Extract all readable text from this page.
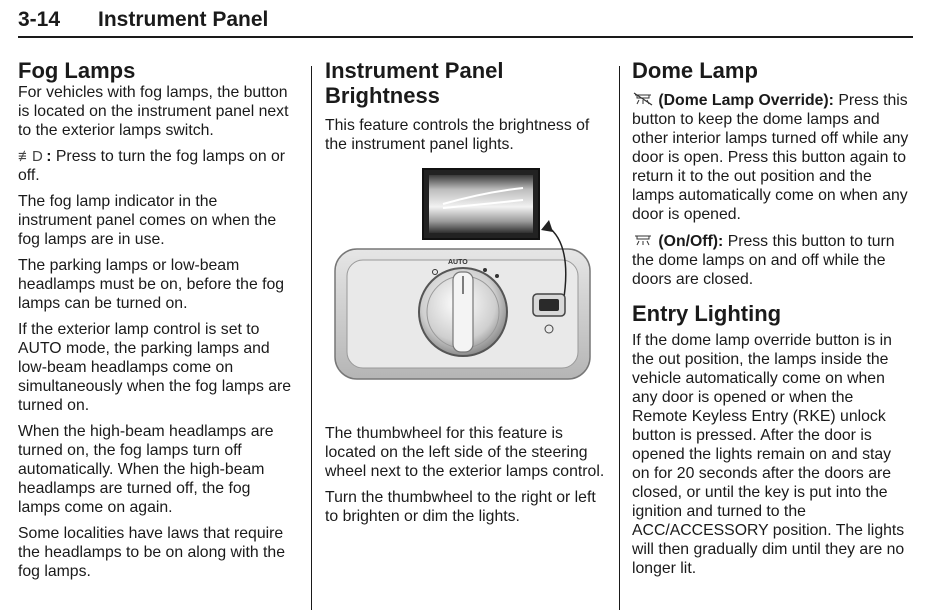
3-14 Instrument Panel
Fog Lamps

For vehicles with fog lamps, the button is located on the instrument panel next to the exterior lamps switch.

≢D : Press to turn the fog lamps on or off.

The fog lamp indicator in the instrument panel comes on when the fog lamps are in use.

The parking lamps or low-beam headlamps must be on, before the fog lamps can be turned on.

If the exterior lamp control is set to AUTO mode, the parking lamps and low-beam headlamps come on simultaneously when the fog lamps are turned on.

When the high-beam headlamps are turned on, the fog lamps turn off automatically. When the high-beam headlamps are turned off, the fog lamps come on again.

Some localities have laws that require the headlamps to be on along with the fog lamps.

Instrument Panel
Brightness

This feature controls the brightness of the instrument panel lights.

AUTO

The thumbwheel for this feature is located on the left side of the steering wheel next to the exterior lamps control.

Turn the thumbwheel to the right or left to brighten or dim the lights.

Dome Lamp

(Dome Lamp Override): Press this button to keep the dome lamps and other interior lamps turned off while any door is open. Press this button again to return it to the out position and the lamps automatically come on when any door is opened.

(On/Off): Press this button to turn the dome lamps on and off while the doors are closed.

Entry Lighting

If the dome lamp override button is in the out position, the lamps inside the vehicle automatically come on when any door is opened or when the Remote Keyless Entry (RKE) unlock button is pressed. After the door is opened the lights remain on and stay on for 20 seconds after the doors are closed, or until the key is put into the ignition and turned to the ACC/ACCESSORY position. The lights will then gradually dim until they are no longer lit.
